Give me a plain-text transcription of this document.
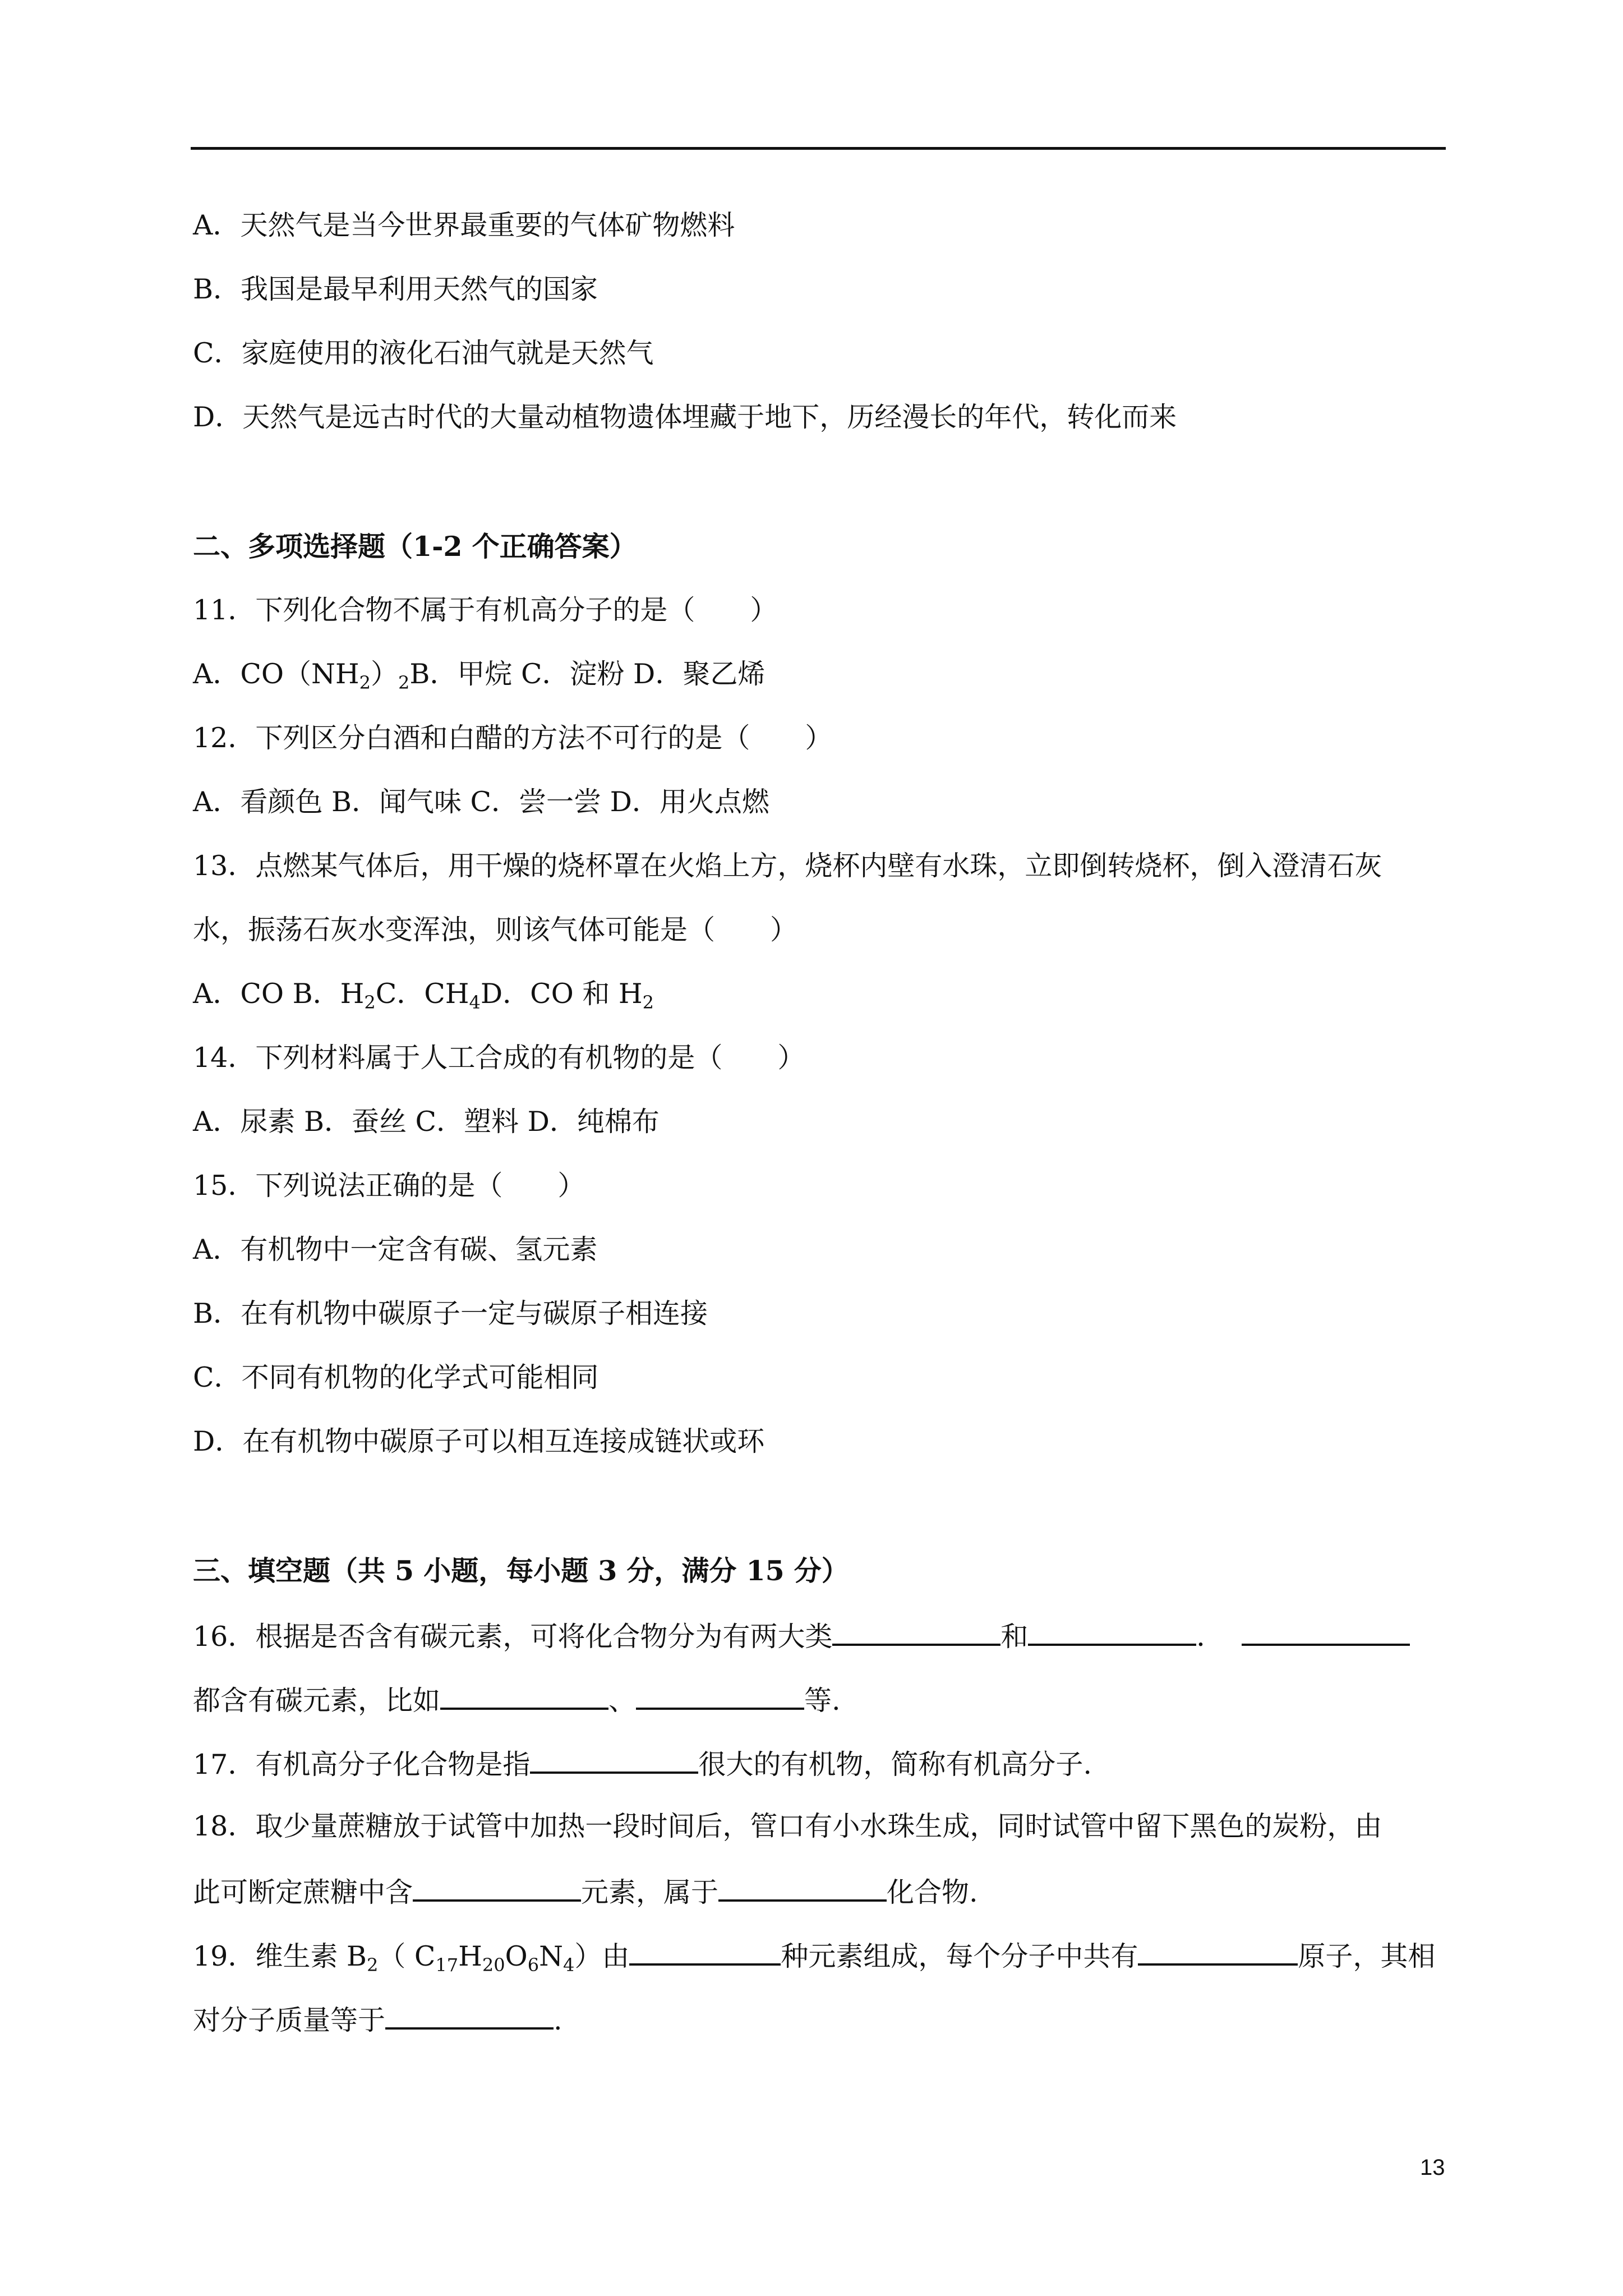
A．天然气是当今世界最重要的气体矿物燃料
B．我国是最早利用天然气的国家
C．家庭使用的液化石油气就是天然气
D．天然气是远古时代的大量动植物遗体埋藏于地下，历经漫长的年代，转化而来
二、多项选择题（1-2 个正确答案）
11．下列化合物不属于有机高分子的是（　　）
A．$CO(NH_2)_2B$．甲烷 C．淀粉 D．聚乙烯
12．下列区分白酒和白醋的方法不可行的是（　　）
A．看颜色 B．闻气味 C．尝一尝 D．用火点燃
13．点燃某气体后，用干燥的烧杯罩在火焰上方，烧杯内壁有水珠，立即倒转烧杯，倒入澄清石灰
水，振荡石灰水变浑浊，则该气体可能是（　　）
A．CO B．$H_2C$．$CH_4D$．CO 和 $H_2$
14．下列材料属于人工合成的有机物的是（　　）
A．尿素 B．蚕丝 C．塑料 D．纯棉布
15．下列说法正确的是（　　）
A．有机物中一定含有碳、氢元素
B．在有机物中碳原子一定与碳原子相连接
C．不同有机物的化学式可能相同
D．在有机物中碳原子可以相互连接成链状或环
三、填空题（共 5 小题，每小题 3 分，满分 15 分）
16．根据是否含有碳元素，可将化合物分为有两大类	和	．
都含有碳元素，比如	、	等.
17．有机高分子化合物是指	很大的有机物，简称有机高分子.
18．取少量蔗糖放于试管中加热一段时间后，管口有小水珠生成，同时试管中留下黑色的炭粉，由
此可断定蔗糖中含	元素，属于	化合物.
19．维生素 $B_2$（ $C_{17}H_{20}O_6N_4$）由	种元素组成，每个分子中共有	原子，其相
对分子质量等于	.
13
